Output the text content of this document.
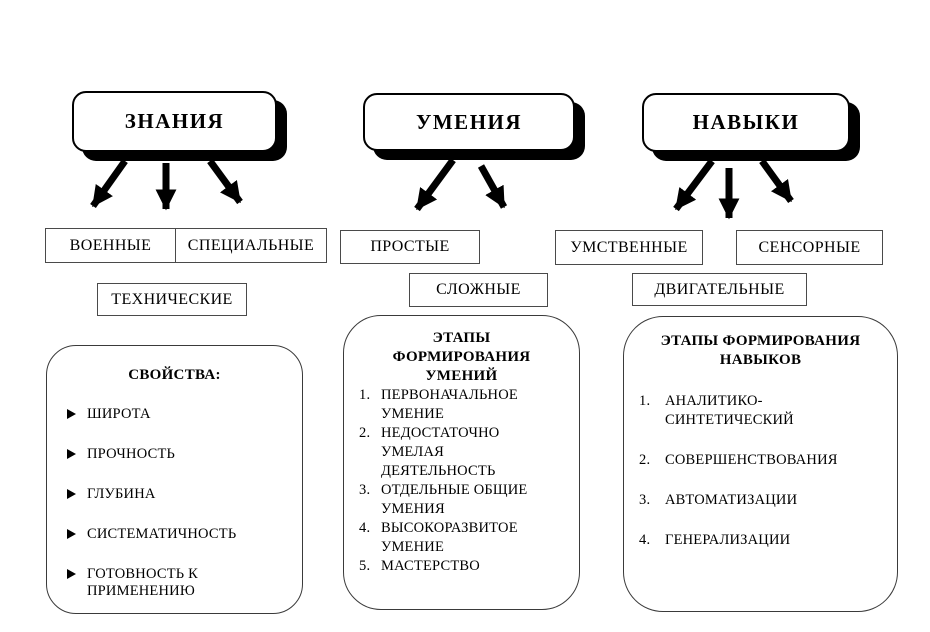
ЗНАНИЯ	УМЕНИЯ	НАВЫКИ
ВОЕННЫЕ	СПЕЦИАЛЬНЫЕ
ТЕХНИЧЕСКИЕ
ПРОСТЫЕ
СЛОЖНЫЕ
УМСТВЕННЫЕ	СЕНСОРНЫЕ
ДВИГАТЕЛЬНЫЕ
СВОЙСТВА:
ШИРОТА
ПРОЧНОСТЬ
ГЛУБИНА
СИСТЕМАТИЧНОСТЬ
ГОТОВНОСТЬ К ПРИМЕНЕНИЮ
ЭТАПЫ ФОРМИРОВАНИЯ УМЕНИЙ
1. ПЕРВОНАЧАЛЬНОЕ УМЕНИЕ
2. НЕДОСТАТОЧНО УМЕЛАЯ ДЕЯТЕЛЬНОСТЬ
3. ОТДЕЛЬНЫЕ ОБЩИЕ УМЕНИЯ
4. ВЫСОКОРАЗВИТОЕ УМЕНИЕ
5. МАСТЕРСТВО
ЭТАПЫ ФОРМИРОВАНИЯ НАВЫКОВ
1.	АНАЛИТИКО-СИНТЕТИЧЕСКИЙ
2.	СОВЕРШЕНСТВОВАНИЯ
3.	АВТОМАТИЗАЦИИ
4.	ГЕНЕРАЛИЗАЦИИ
